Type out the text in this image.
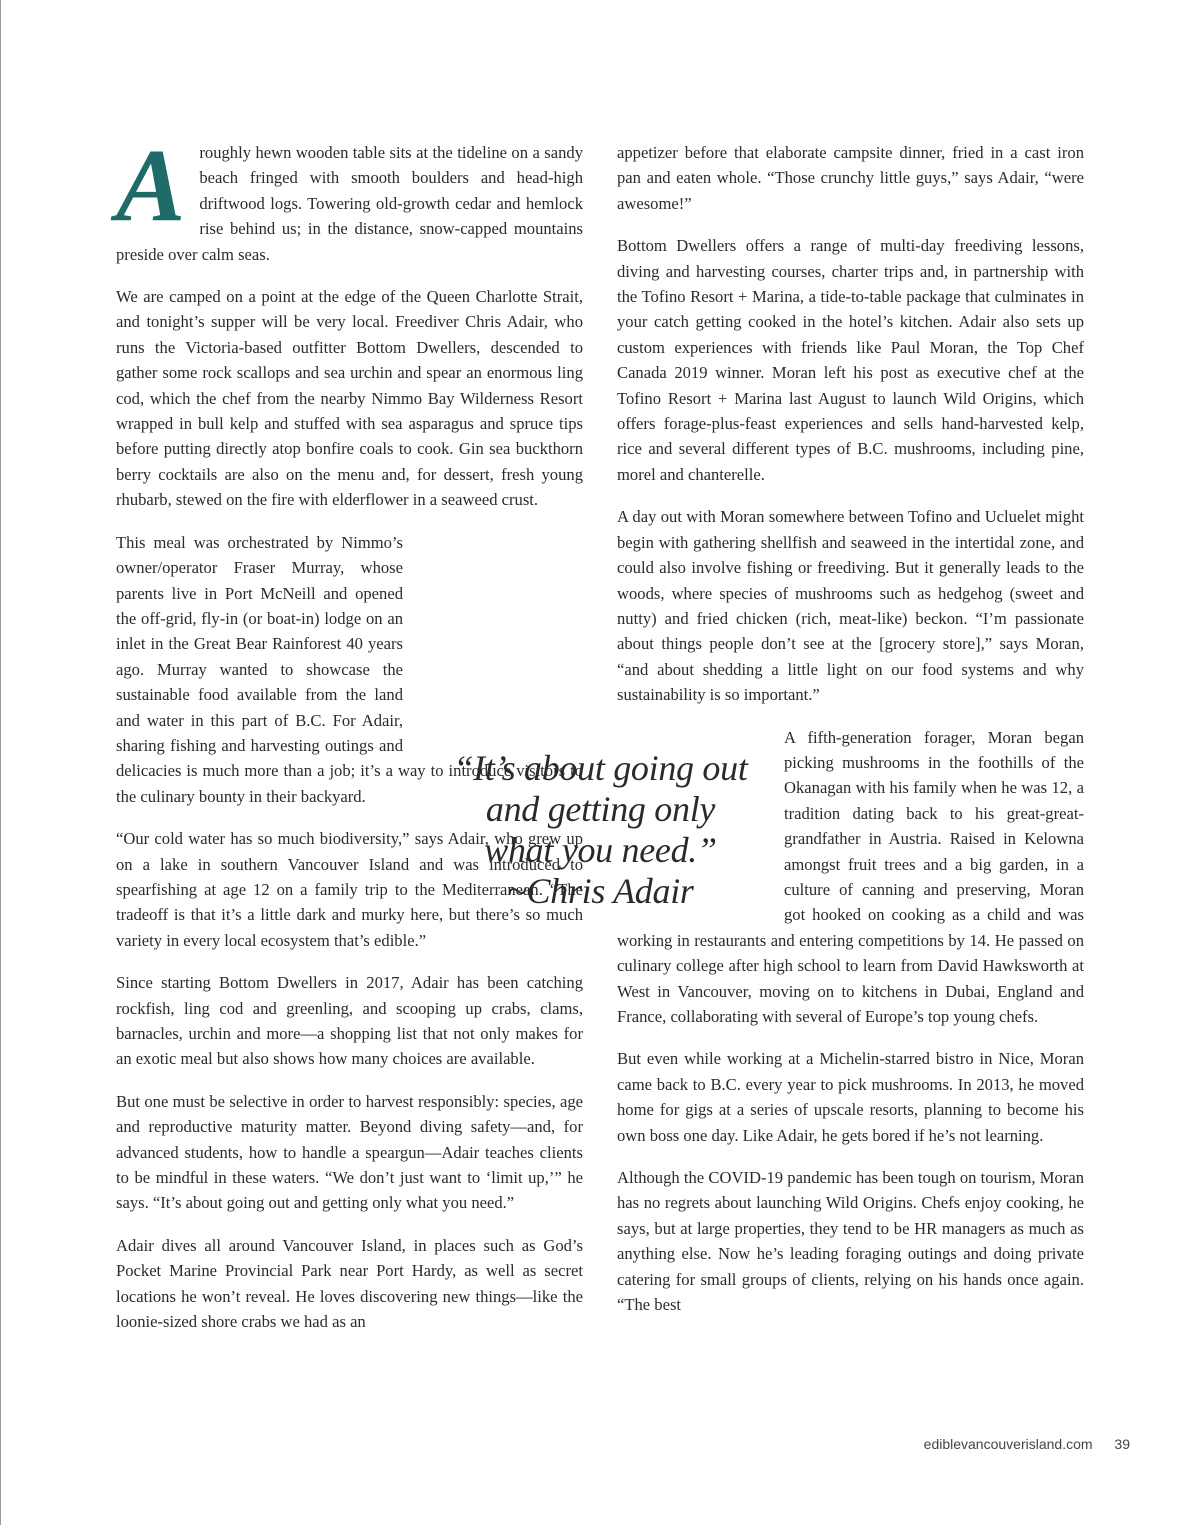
Aroughly hewn wooden table sits at the tideline on a sandy beach fringed with smooth boulders and head-high driftwood logs. Towering old-growth cedar and hemlock rise behind us; in the distance, snow-capped mountains preside over calm seas.

We are camped on a point at the edge of the Queen Charlotte Strait, and tonight’s supper will be very local. Freediver Chris Adair, who runs the Victoria-based outfitter Bottom Dwellers, descended to gather some rock scallops and sea urchin and spear an enormous ling cod, which the chef from the nearby Nimmo Bay Wilderness Resort wrapped in bull kelp and stuffed with sea asparagus and spruce tips before putting directly atop bonfire coals to cook. Gin sea buckthorn berry cocktails are also on the menu and, for dessert, fresh young rhubarb, stewed on the fire with elderflower in a seaweed crust.

This meal was orchestrated by Nimmo’s owner/operator Fraser Murray, whose parents live in Port McNeill and opened the off-grid, fly-in (or boat-in) lodge on an inlet in the Great Bear Rainforest 40 years ago. Murray wanted to showcase the sustainable food available from the land and water in this part of B.C. For Adair, sharing fishing and harvesting outings and delicacies is much more than a job; it’s a way to introduce visitors to the culinary bounty in their backyard.

“Our cold water has so much biodiversity,” says Adair, who grew up on a lake in southern Vancouver Island and was introduced to spearfishing at age 12 on a family trip to the Mediterranean. “The tradeoff is that it’s a little dark and murky here, but there’s so much variety in every local ecosystem that’s edible.”

Since starting Bottom Dwellers in 2017, Adair has been catching rockfish, ling cod and greenling, and scooping up crabs, clams, barnacles, urchin and more—a shopping list that not only makes for an exotic meal but also shows how many choices are available.

But one must be selective in order to harvest responsibly: species, age and reproductive maturity matter. Beyond diving safety—and, for advanced students, how to handle a speargun—Adair teaches clients to be mindful in these waters. “We don’t just want to ‘limit up,’” he says. “It’s about going out and getting only what you need.”

Adair dives all around Vancouver Island, in places such as God’s Pocket Marine Provincial Park near Port Hardy, as well as secret locations he won’t reveal. He loves discovering new things—like the loonie-sized shore crabs we had as an

appetizer before that elaborate campsite dinner, fried in a cast iron pan and eaten whole. “Those crunchy little guys,” says Adair, “were awesome!”

Bottom Dwellers offers a range of multi-day freediving lessons, diving and harvesting courses, charter trips and, in partnership with the Tofino Resort + Marina, a tide-to-table package that culminates in your catch getting cooked in the hotel’s kitchen. Adair also sets up custom experiences with friends like Paul Moran, the Top Chef Canada 2019 winner. Moran left his post as executive chef at the Tofino Resort + Marina last August to launch Wild Origins, which offers forage-plus-feast experiences and sells hand-harvested kelp, rice and several different types of B.C. mushrooms, including pine, morel and chanterelle.

A day out with Moran somewhere between Tofino and Ucluelet might begin with gathering shellfish and seaweed in the intertidal zone, and could also involve fishing or freediving. But it generally leads to the woods, where species of mushrooms such as hedgehog (sweet and nutty) and fried chicken (rich, meat-like) beckon. “I’m passionate about things people don’t see at the [grocery store],” says Moran, “and about shedding a little light on our food systems and why sustainability is so important.”

A fifth-generation forager, Moran began picking mushrooms in the foothills of the Okanagan with his family when he was 12, a tradition dating back to his great-great-grandfather in Austria. Raised in Kelowna amongst fruit trees and a big garden, in a culture of canning and preserving, Moran got hooked on cooking as a child and was working in restaurants and entering competitions by 14. He passed on culinary college after high school to learn from David Hawksworth at West in Vancouver, moving on to kitchens in Dubai, England and France, collaborating with several of Europe’s top young chefs.

But even while working at a Michelin-starred bistro in Nice, Moran came back to B.C. every year to pick mushrooms. In 2013, he moved home for gigs at a series of upscale resorts, planning to become his own boss one day. Like Adair, he gets bored if he’s not learning.

Although the COVID-19 pandemic has been tough on tourism, Moran has no regrets about launching Wild Origins. Chefs enjoy cooking, he says, but at large properties, they tend to be HR managers as much as anything else. Now he’s leading foraging outings and doing private catering for small groups of clients, relying on his hands once again. “The best

“It’s about going out and getting only what you need.”
~Chris Adair
ediblevancouverisland.com 39
